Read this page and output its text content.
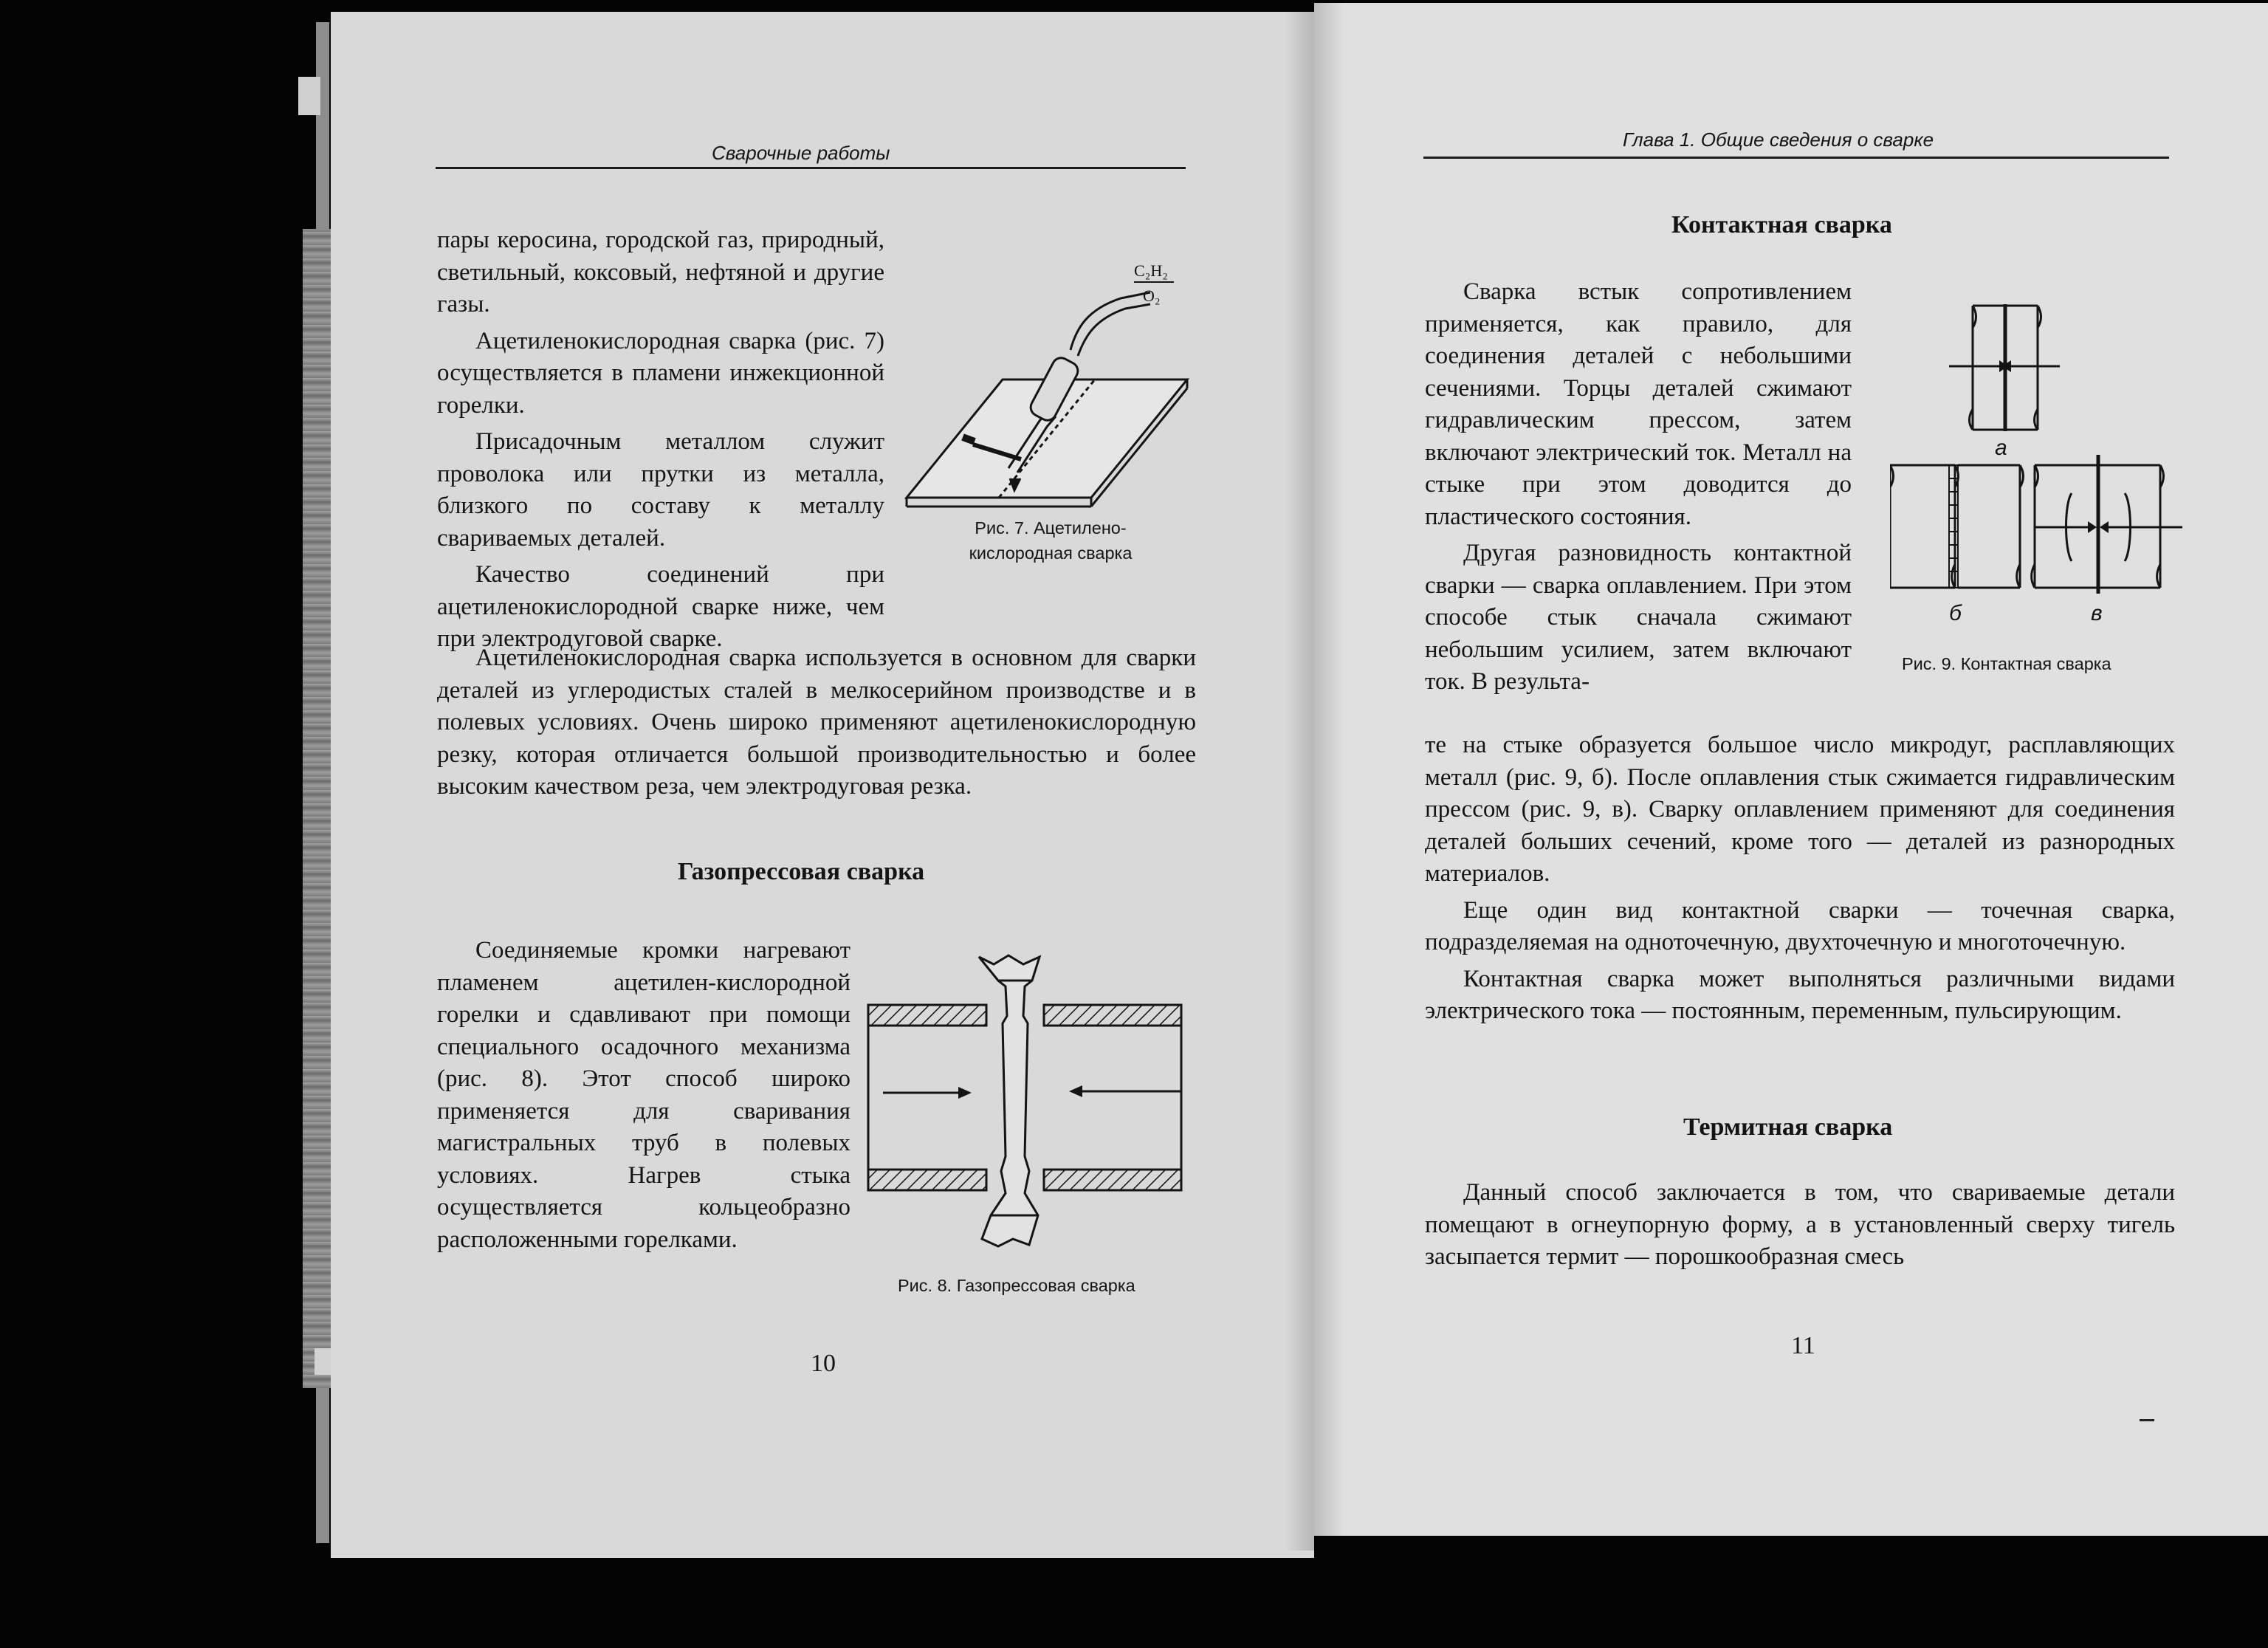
Сварочные работы

пары керосина, городской газ, природный, светильный, коксовый, нефтяной и другие газы.

Ацетиленокислородная сварка (рис. 7) осуществляется в пламени инжекционной горелки.

Присадочным металлом служит проволока или прутки из металла, близкого по составу к металлу свариваемых деталей.

Качество соединений при ацетиленокислородной сварке ниже, чем при электродуговой сварке.

C₂H₂
O₂
Рис. 7. Ацетилено-
кислородная сварка

Ацетиленокислородная сварка используется в основном для сварки деталей из углеродистых сталей в мелкосерийном производстве и в полевых условиях. Очень широко применяют ацетиленокислородную резку, которая отличается большой производительностью и более высоким качеством реза, чем электродуговая резка.

Газопрессовая сварка

Соединяемые кромки нагревают пламенем ацетилен-кислородной горелки и сдавливают при помощи специального осадочного механизма (рис. 8). Этот способ широко применяется для сваривания магистральных труб в полевых условиях. Нагрев стыка осуществляется кольцеобразно расположенными горелками.

Рис. 8. Газопрессовая сварка
10
Глава 1. Общие сведения о сварке
Контактная сварка

Сварка встык сопротивлением применяется, как правило, для соединения деталей с небольшими сечениями. Торцы деталей сжимают гидравлическим прессом, затем включают электрический ток. Металл на стыке при этом доводится до пластического состояния.

Другая разновидность контактной сварки — сварка оплавлением. При этом способе стык сначала сжимают небольшим усилием, затем включают ток. В результа-

а
б	в
Рис. 9. Контактная сварка

те на стыке образуется большое число микродуг, расплавляющих металл (рис. 9, б). После оплавления стык сжимается гидравлическим прессом (рис. 9, в). Сварку оплавлением применяют для соединения деталей больших сечений, кроме того — деталей из разнородных материалов.

Еще один вид контактной сварки — точечная сварка, подразделяемая на одноточечную, двухточечную и многоточечную.

Контактная сварка может выполняться различными видами электрического тока — постоянным, переменным, пульсирующим.

Термитная сварка

Данный способ заключается в том, что свариваемые детали помещают в огнеупорную форму, а в установленный сверху тигель засыпается термит — порошкообразная смесь

11
